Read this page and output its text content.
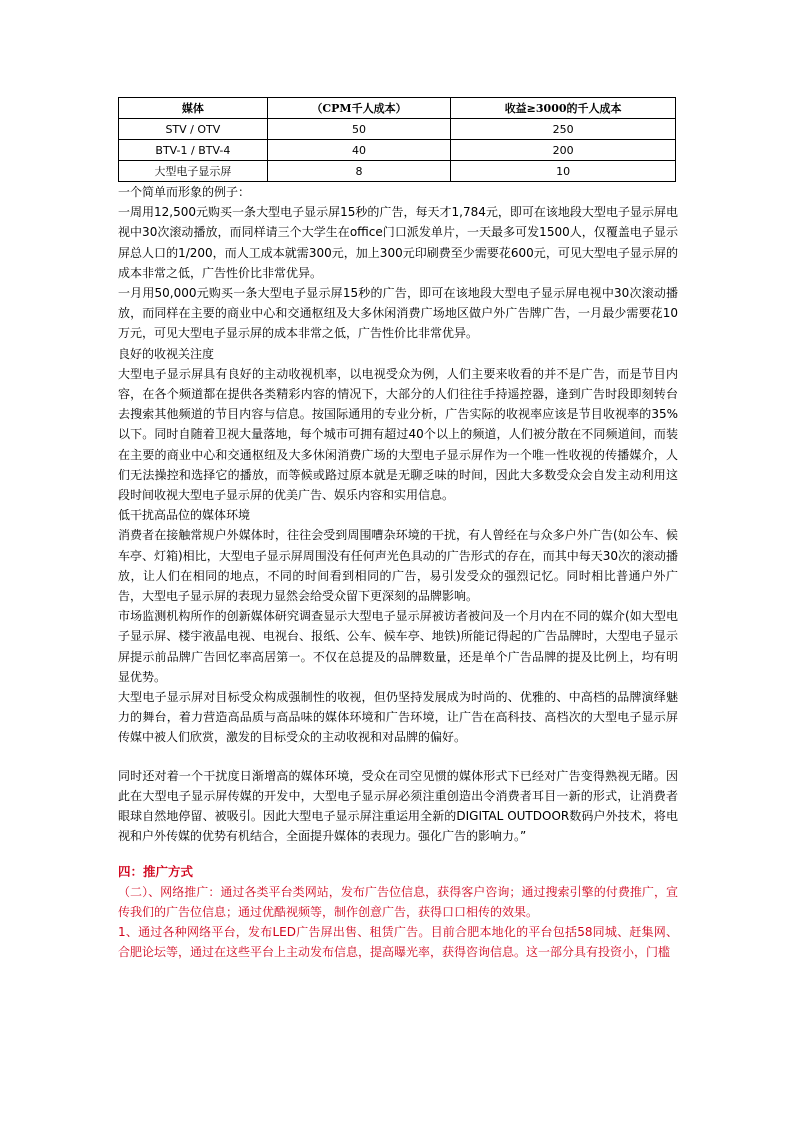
媒体	（CPM千人成本）	收益≥3000的千人成本
STV / OTV	50	250
BTV-1 / BTV-4	40	200
大型电子显示屏	8	10

一个简单而形象的例子：

一周用12,500元购买一条大型电子显示屏15秒的广告，每天才1,784元，即可在该地段大型电子显示屏电视中30次滚动播放，而同样请三个大学生在office门口派发单片，一天最多可发1500人，仅覆盖电子显示屏总人口的1/200，而人工成本就需300元，加上300元印刷费至少需要花600元，可见大型电子显示屏的成本非常之低，广告性价比非常优异。

一月用50,000元购买一条大型电子显示屏15秒的广告，即可在该地段大型电子显示屏电视中30次滚动播放，而同样在主要的商业中心和交通枢纽及大多休闲消费广场地区做户外广告牌广告，一月最少需要花10万元，可见大型电子显示屏的成本非常之低，广告性价比非常优异。

良好的收视关注度

大型电子显示屏具有良好的主动收视机率，以电视受众为例，人们主要来收看的并不是广告，而是节目内容，在各个频道都在提供各类精彩内容的情况下，大部分的人们往往手持遥控器，逢到广告时段即刻转台去搜索其他频道的节目内容与信息。按国际通用的专业分析，广告实际的收视率应该是节目收视率的35%以下。同时自随着卫视大量落地，每个城市可拥有超过40个以上的频道，人们被分散在不同频道间，而装在主要的商业中心和交通枢纽及大多休闲消费广场的大型电子显示屏作为一个唯一性收视的传播媒介，人们无法操控和选择它的播放，而等候或路过原本就是无聊乏味的时间，因此大多数受众会自发主动利用这段时间收视大型电子显示屏的优美广告、娱乐内容和实用信息。

低干扰高品位的媒体环境

消费者在接触常规户外媒体时，往往会受到周围嘈杂环境的干扰，有人曾经在与众多户外广告(如公车、候车亭、灯箱)相比，大型电子显示屏周围没有任何声光色具动的广告形式的存在，而其中每天30次的滚动播放，让人们在相同的地点，不同的时间看到相同的广告，易引发受众的强烈记忆。同时相比普通户外广告，大型电子显示屏的表现力显然会给受众留下更深刻的品牌影响。

市场监测机构所作的创新媒体研究调查显示大型电子显示屏被访者被问及一个月内在不同的媒介(如大型电子显示屏、楼宇液晶电视、电视台、报纸、公车、候车亭、地铁)所能记得起的广告品牌时，大型电子显示屏提示前品牌广告回忆率高居第一。不仅在总提及的品牌数量，还是单个广告品牌的提及比例上，均有明显优势。

大型电子显示屏对目标受众构成强制性的收视，但仍坚持发展成为时尚的、优雅的、中高档的品牌演绎魅力的舞台，着力营造高品质与高品味的媒体环境和广告环境，让广告在高科技、高档次的大型电子显示屏传媒中被人们欣赏，激发的目标受众的主动收视和对品牌的偏好。

同时还对着一个干扰度日渐增高的媒体环境，受众在司空见惯的媒体形式下已经对广告变得熟视无睹。因此在大型电子显示屏传媒的开发中，大型电子显示屏必须注重创造出令消费者耳目一新的形式，让消费者眼球自然地停留、被吸引。因此大型电子显示屏注重运用全新的DIGITAL OUTDOOR数码户外技术，将电视和户外传媒的优势有机结合，全面提升媒体的表现力。强化广告的影响力。”

四：推广方式

（二）、网络推广：通过各类平台类网站，发布广告位信息，获得客户咨询；通过搜索引擎的付费推广，宣传我们的广告位信息；通过优酷视频等，制作创意广告，获得口口相传的效果。

1、通过各种网络平台，发布LED广告屏出售、租赁广告。目前合肥本地化的平台包括58同城、赶集网、合肥论坛等，通过在这些平台上主动发布信息，提高曝光率，获得咨询信息。这一部分具有投资小，门槛
